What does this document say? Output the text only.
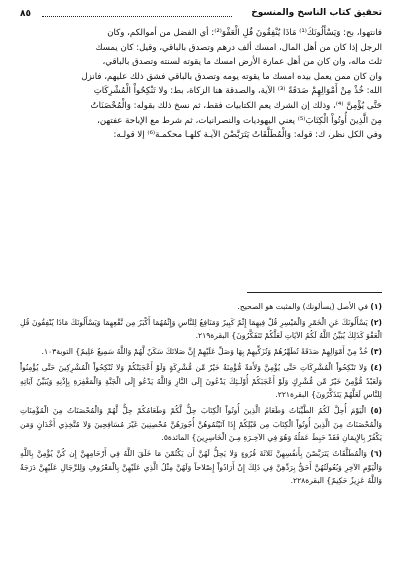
٨٥	تحقيق كتاب الناسخ والمنسوخ

فانتهوا، بح: وَيَسْأَلُونَكَ⁽¹⁾ مَاذَا يُنْفِقُونَ قُلِ الْعَفْوَ⁽²⁾: أي الفضل من أموالكم، وكان

الرجل إذا كان من أهل المال، امسك ألف درهم وتصدق بالباقي، وقيل: كان يمسك

ثلث ماله، وان كان من أهل عمارة الأرض امسك ما يقوته لسنته وتصدق بالباقي،

وان كان ممن يعمل بيده امسك ما يقوته يومه وتصدق بالباقي فشق ذلك عليهم، فانزل

الله: خُذْ مِنْ أَمْوَالِهِمْ صَدَقَةً ⁽³⁾ الآية، والصدقة هنا الزكاة، بط: ولا تَنْكِحُواْ الْمُشْرِكَاتِ

حَتَّى يُؤْمِنَّ ⁽⁴⁾، وذلك إن الشرك يعم الكتابيات فقط، ثم نسخ ذلك بقوله: وَالْمُحْصَنَاتُ

مِنَ الَّذِينَ أُوتُواْ الْكِتَابَ⁽⁵⁾ يعني اليهوديات والنصرانيات، ثم شرط مع الإباحة عفتهن،

وفي الكل نظر، ك: قوله: وَالْمُطَلَّقَاتُ يَتَرَبَّصْنَ الآيـة كلهـا محكمـة⁽⁶⁾ إلا قولـه:

(١) في الأصل (يسألونك) والمثبت هو الصحيح.
(٢) يَسْأَلُونَكَ عَنِ الْخَمْرِ وَالْمَيْسِرِ قُلْ فِيهِمَا إِثْمٌ كَبِيرٌ وَمَنَافِعُ لِلنَّاسِ وَإِثْمُهُمَا أَكْبَرُ مِن نَّفْعِهِمَا وَيَسْأَلُونَكَ مَاذَا يُنْفِقُونَ قُلِ الْعَفْوَ كَذَلِكَ يُبَيِّنُ اللَّهُ لَكُمُ الآيَاتِ لَعَلَّكُمْ تَتَفَكَّرُونَ} البقرة٢١٩.
(٣) خُذْ مِنْ أَمْوَالِهِمْ صَدَقَةً تُطَهِّرُهُمْ وَتُزَكِّيهِمْ بِهَا وَصَلِّ عَلَيْهِمْ إِنَّ صَلاتَكَ سَكَنٌ لَّهُمْ وَاللَّهُ سَمِيعٌ عَلِيمٌ} التوبة١٠٣.
(٤) وَلا تَنْكِحُواْ الْمُشْرِكَاتِ حَتَّى يُؤْمِنَّ وَلأَمَةٌ مُّؤْمِنَةٌ خَيْرٌ مِّن مُّشْرِكَةٍ وَلَوْ أَعْجَبَتْكُمْ وَلا تُنْكِحُواْ الْمُشْرِكِينَ حَتَّى يُؤْمِنُواْ وَلَعَبْدٌ مُّؤْمِنٌ خَيْرٌ مِّن مُّشْرِكٍ وَلَوْ أَعْجَبَكُمْ أُوْلَـئِكَ يَدْعُونَ إِلَى النَّارِ وَاللَّهُ يَدْعُو إِلَى الْجَنَّةِ وَالْمَغْفِرَةِ بِإِذْنِهِ وَيُبَيِّنُ آيَاتِهِ لِلنَّاسِ لَعَلَّهُمْ يَتَذَكَّرُونَ} البقرة٢٢١.
(٥) الْيَوْمَ أُحِلَّ لَكُمُ الطَّيِّبَاتُ وَطَعَامُ الَّذِينَ أُوتُواْ الْكِتَابَ حِلٌّ لَّكُمْ وَطَعَامُكُمْ حِلٌّ لَّهُمْ وَالْمُحْصَنَاتُ مِنَ الْمُؤْمِنَاتِ وَالْمُحْصَنَاتُ مِنَ الَّذِينَ أُوتُواْ الْكِتَابَ مِن قَبْلِكُمْ إِذَا آتَيْتُمُوهُنَّ أُجُورَهُنَّ مُحْصِنِينَ غَيْرَ مُسَافِحِينَ وَلا مُتَّخِذِي أَخْدَانٍ وَمَن يَكْفُرْ بِالإِيمَانِ فَقَدْ حَبِطَ عَمَلُهُ وَهُوَ فِي الآخِـرَةِ مِـنَ الْخَاسِرِينَ} المائدة٥.
(٦) وَالْمُطَلَّقَاتُ يَتَرَبَّصْنَ بِأَنفُسِهِنَّ ثَلاثَةَ قُرُوءٍ وَلا يَحِلُّ لَهُنَّ أَن يَكْتُمْنَ مَا خَلَقَ اللَّهُ فِي أَرْحَامِهِنَّ إِن كُنَّ يُؤْمِنَّ بِاللَّهِ وَالْيَوْمِ الآخِرِ وَبُعُولَتُهُنَّ أَحَقُّ بِرَدِّهِنَّ فِي ذَلِكَ إِنْ أَرَادُواْ إِصْلاحاً وَلَهُنَّ مِثْلُ الَّذِي عَلَيْهِنَّ بِالْمَعْرُوفِ وَلِلرِّجَالِ عَلَيْهِنَّ دَرَجَةٌ وَاللَّهُ عَزِيزٌ حَكِيمٌ} البقرة٢٢٨.
